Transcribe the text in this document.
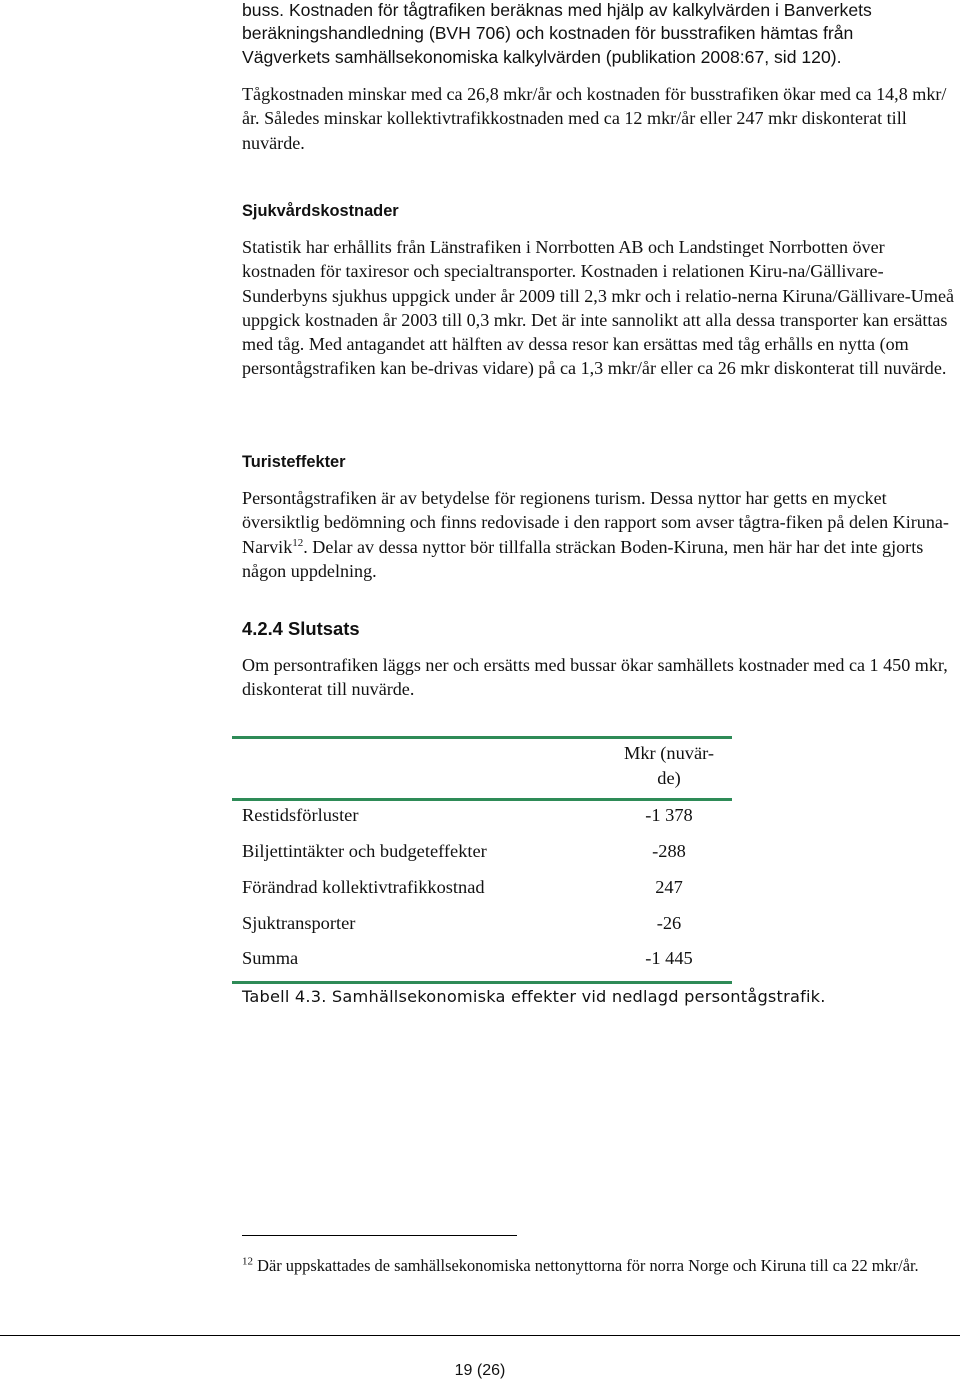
buss. Kostnaden för tågtrafiken beräknas med hjälp av kalkylvärden i Banverkets
beräkningshandledning (BVH 706) och kostnaden för busstrafiken hämtas från
Vägverkets samhällsekonomiska kalkylvärden (publikation 2008:67, sid 120).
Tågkostnaden minskar med ca 26,8 mkr/år och kostnaden för busstrafiken ökar med ca 14,8 mkr/år. Således minskar kollektivtrafikkostnaden med ca 12 mkr/år eller 247 mkr diskonterat till nuvärde.
Sjukvårdskostnader
Statistik har erhållits från Länstrafiken i Norrbotten AB och Landstinget Norrbotten över kostnaden för taxiresor och specialtransporter. Kostnaden i relationen Kiru-na/Gällivare-Sunderbyns sjukhus uppgick under år 2009 till 2,3 mkr och i relatio-nerna Kiruna/Gällivare-Umeå uppgick kostnaden år 2003 till 0,3 mkr. Det är inte sannolikt att alla dessa transporter kan ersättas med tåg. Med antagandet att hälften av dessa resor kan ersättas med tåg erhålls en nytta (om persontågstrafiken kan be-drivas vidare) på ca 1,3 mkr/år eller ca 26 mkr diskonterat till nuvärde.
Turisteffekter
Persontågstrafiken är av betydelse för regionens turism. Dessa nyttor har getts en mycket översiktlig bedömning och finns redovisade i den rapport som avser tågtra-fiken på delen Kiruna-Narvik$^{12}$. Delar av dessa nyttor bör tillfalla sträckan Boden-Kiruna, men här har det inte gjorts någon uppdelning.
4.2.4 Slutsats
Om persontrafiken läggs ner och ersätts med bussar ökar samhällets kostnader med ca 1 450 mkr, diskonterat till nuvärde.
Mkr (nuvär-
de)
Restidsförluster	-1 378
Biljettintäkter och budgeteffekter	-288
Förändrad kollektivtrafikkostnad	247
Sjuktransporter	-26
Summa	-1 445
Tabell 4.3. Samhällsekonomiska effekter vid nedlagd persontågstrafik.
$^{12}$ Där uppskattades de samhällsekonomiska nettonyttorna för norra Norge och Kiruna till ca 22 mkr/år.
19 (26)
